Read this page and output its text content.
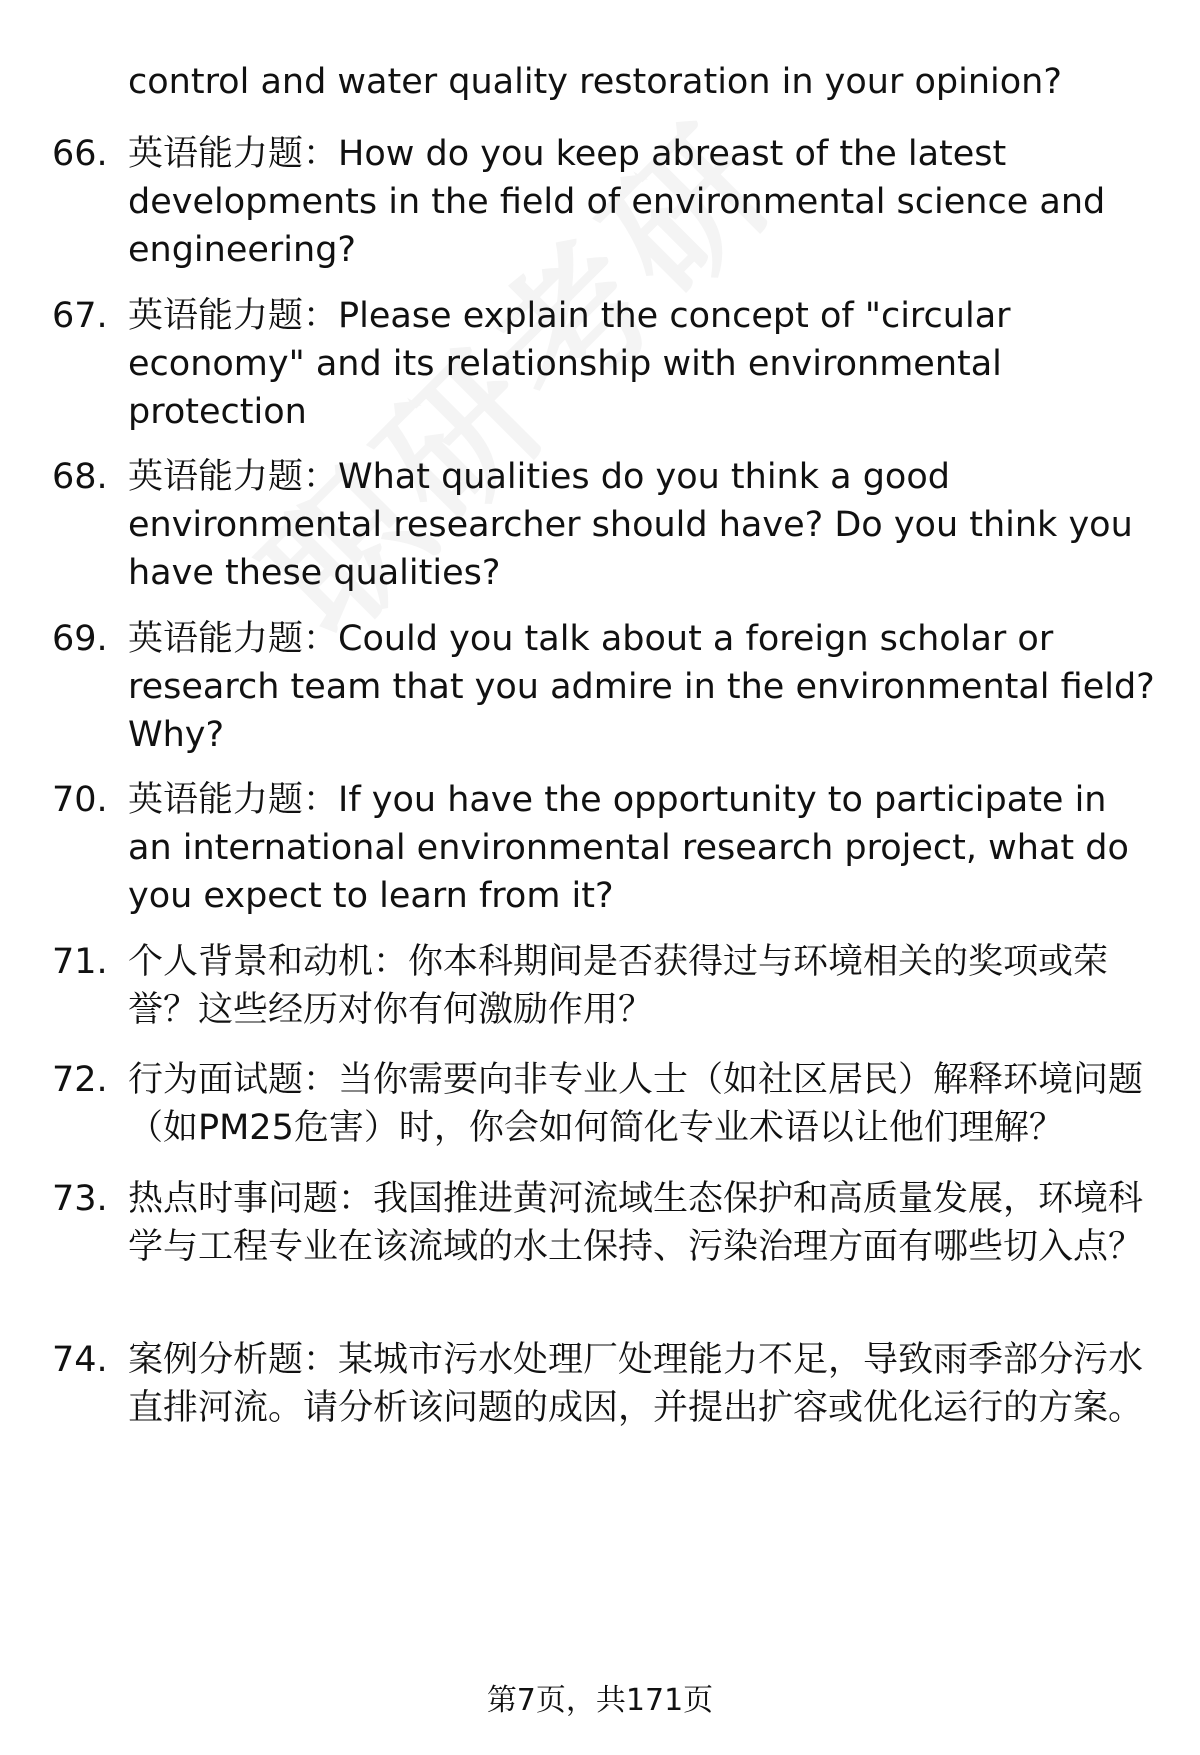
control and water quality restoration in your opinion?
66. 英语能力题：How do you keep abreast of the latest developments in the field of environmental science and engineering?
67. 英语能力题：Please explain the concept of "circular economy" and its relationship with environmental protection
68. 英语能力题：What qualities do you think a good environmental researcher should have? Do you think you have these qualities?
69. 英语能力题：Could you talk about a foreign scholar or research team that you admire in the environmental field? Why?
70. 英语能力题：If you have the opportunity to participate in an international environmental research project, what do you expect to learn from it?
71. 个人背景和动机：你本科期间是否获得过与环境相关的奖项或荣誉？这些经历对你有何激励作用？
72. 行为面试题：当你需要向非专业人士（如社区居民）解释环境问题（如PM25危害）时，你会如何简化专业术语以让他们理解？
73. 热点时事问题：我国推进黄河流域生态保护和高质量发展，环境科学与工程专业在该流域的水土保持、污染治理方面有哪些切入点？
74. 案例分析题：某城市污水处理厂处理能力不足，导致雨季部分污水直排河流。请分析该问题的成因，并提出扩容或优化运行的方案。
第7页，共171页
